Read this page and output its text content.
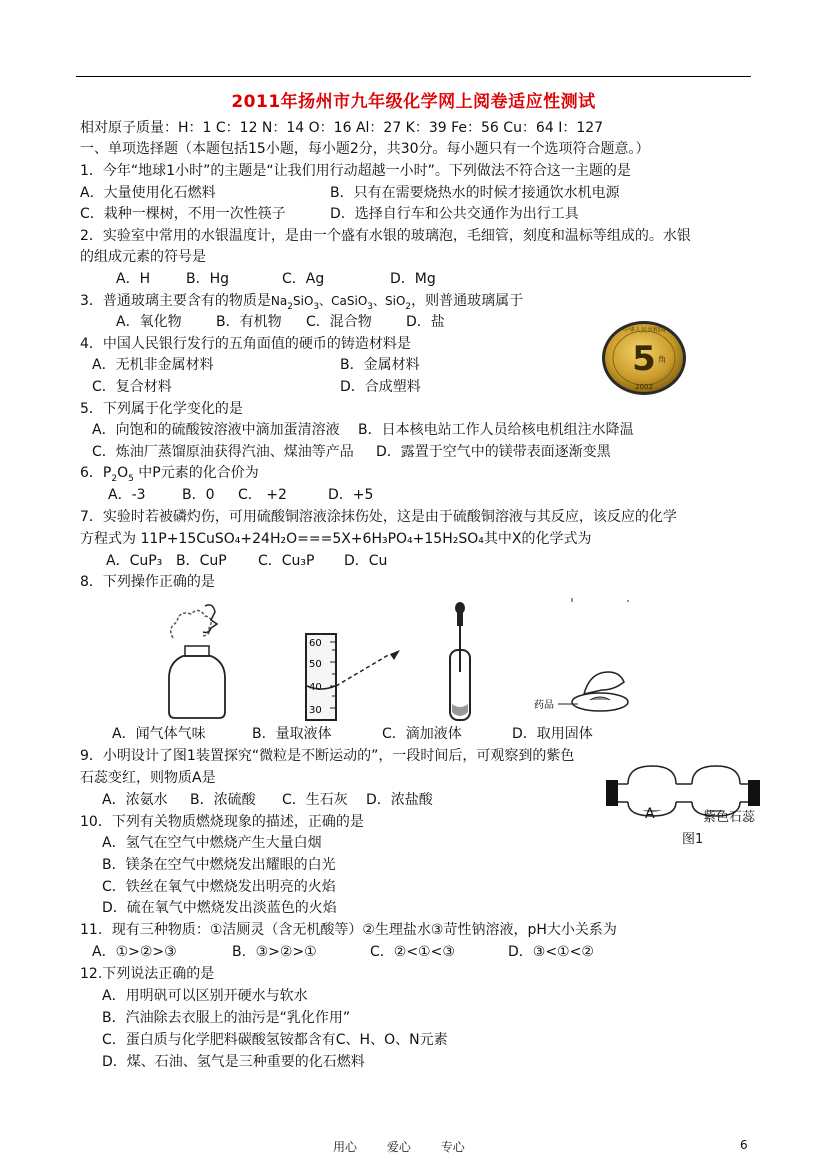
2011年扬州市九年级化学网上阅卷适应性测试
相对原子质量：H：1 C：12 N：14 O：16 Al：27 K：39 Fe：56 Cu：64 I：127
一、单项选择题（本题包括15小题，每小题2分，共30分。每小题只有一个选项符合题意。）
1．今年“地球1小时”的主题是“让我们用行动超越一小时”。下列做法不符合这一主题的是
A．大量使用化石燃料	B．只有在需要烧热水的时候才接通饮水机电源
C．栽种一棵树，不用一次性筷子	D．选择自行车和公共交通作为出行工具
2．实验室中常用的水银温度计，是由一个盛有水银的玻璃泡，毛细管，刻度和温标等组成的。水银
的组成元素的符号是
A．H	B．Hg	C．Ag	D．Mg
3．普通玻璃主要含有的物质是$Na_2SiO_3$、CaSiO$_3$、SiO$_2$，则普通玻璃属于
A．氧化物 B．有机物 C．混合物 D．盐
4．中国人民银行发行的五角面值的硬币的铸造材料是
A．无机非金属材料	B．金属材料
C．复合材料	D．合成塑料
中华人民共和国
5 角
2002
5．下列属于化学变化的是
A．向饱和的硫酸铵溶液中滴加蛋清溶液 B．日本核电站工作人员给核电机组注水降温
C．炼油厂蒸馏原油获得汽油、煤油等产品 D．露置于空气中的镁带表面逐渐变黑
6．$P_2O_5$ 中P元素的化合价为
A．-3	B．0 C． +2	D．+5
7．实验时若被磷灼伤，可用硫酸铜溶液涂抹伤处，这是由于硫酸铜溶液与其反应，该反应的化学
方程式为 11P+15CuSO₄+24H₂O===5X+6H₃PO₄+15H₂SO₄其中X的化学式为
A．CuP₃ B．CuP C．Cu₃P D．Cu
8．下列操作正确的是
60
50
40
30	药品
A．闻气体气味	B．量取液体	C．滴加液体	D．取用固体
9．小明设计了图1装置探究“微粒是不断运动的”，一段时间后，可观察到的紫色
石蕊变红，则物质A是
A．浓氨水 B．浓硫酸 C．生石灰 D．浓盐酸
A	紫色石蕊
图1
10．下列有关物质燃烧现象的描述，正确的是
A．氢气在空气中燃烧产生大量白烟
B．镁条在空气中燃烧发出耀眼的白光
C．铁丝在氧气中燃烧发出明亮的火焰
D．硫在氧气中燃烧发出淡蓝色的火焰
11．现有三种物质：①洁厕灵（含无机酸等）②生理盐水③苛性钠溶液，pH大小关系为
A．①>②>③	B．③>②>①	C．②<①<③	D．③<①<②
12.下列说法正确的是
A．用明矾可以区别开硬水与软水
B．汽油除去衣服上的油污是“乳化作用”
C．蛋白质与化学肥料碳酸氢铵都含有C、H、O、N元素
D．煤、石油、氢气是三种重要的化石燃料
用心 爱心 专心	6
